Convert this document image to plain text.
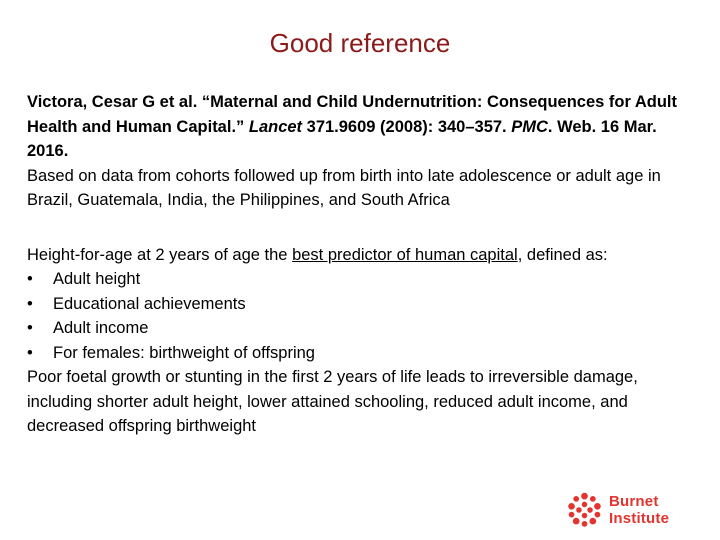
Good reference

Victora, Cesar G et al. “Maternal and Child Undernutrition: Consequences for Adult Health and Human Capital.” Lancet 371.9609 (2008): 340–357. PMC. Web. 16 Mar. 2016.

Based on data from cohorts followed up from birth into late adolescence or adult age in Brazil, Guatemala, India, the Philippines, and South Africa

Height-for-age at 2 years of age the best predictor of human capital, defined as:

•	Adult height
•	Educational achievements
•	Adult income
•	For females: birthweight of offspring

Poor foetal growth or stunting in the first 2 years of life leads to irreversible damage, including shorter adult height, lower attained schooling, reduced adult income, and decreased offspring birthweight

Burnet Institute
